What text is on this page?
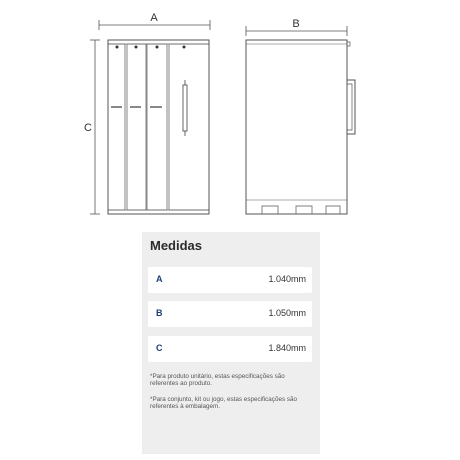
A
C
B
Medidas
A	1.040mm
B	1.050mm
C	1.840mm
*Para produto unitário, estas especificações são referentes ao produto.
*Para conjunto, kit ou jogo, estas especificações são referentes à embalagem.
